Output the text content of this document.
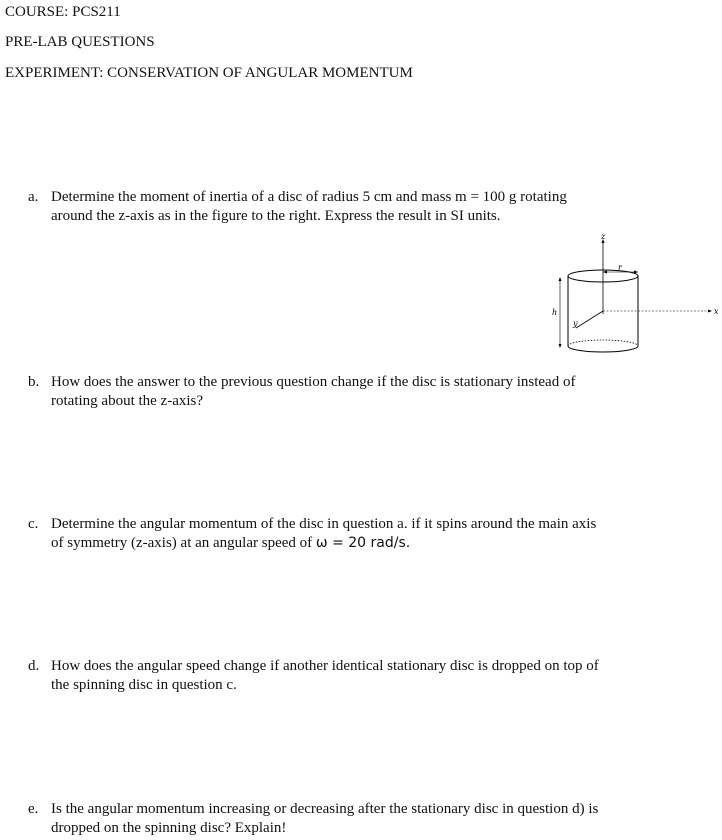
COURSE: PCS211
PRE-LAB QUESTIONS
EXPERIMENT: CONSERVATION OF ANGULAR MOMENTUM
a. Determine the moment of inertia of a disc of radius 5 cm and mass m = 100 g rotating
around the z-axis as in the figure to the right. Express the result in SI units.
z
r
x
y
h
b. How does the answer to the previous question change if the disc is stationary instead of
rotating about the z-axis?
c. Determine the angular momentum of the disc in question a. if it spins around the main axis
of symmetry (z-axis) at an angular speed of ω = 20 rad/s.
d. How does the angular speed change if another identical stationary disc is dropped on top of
the spinning disc in question c.
e. Is the angular momentum increasing or decreasing after the stationary disc in question d) is
dropped on the spinning disc? Explain!
